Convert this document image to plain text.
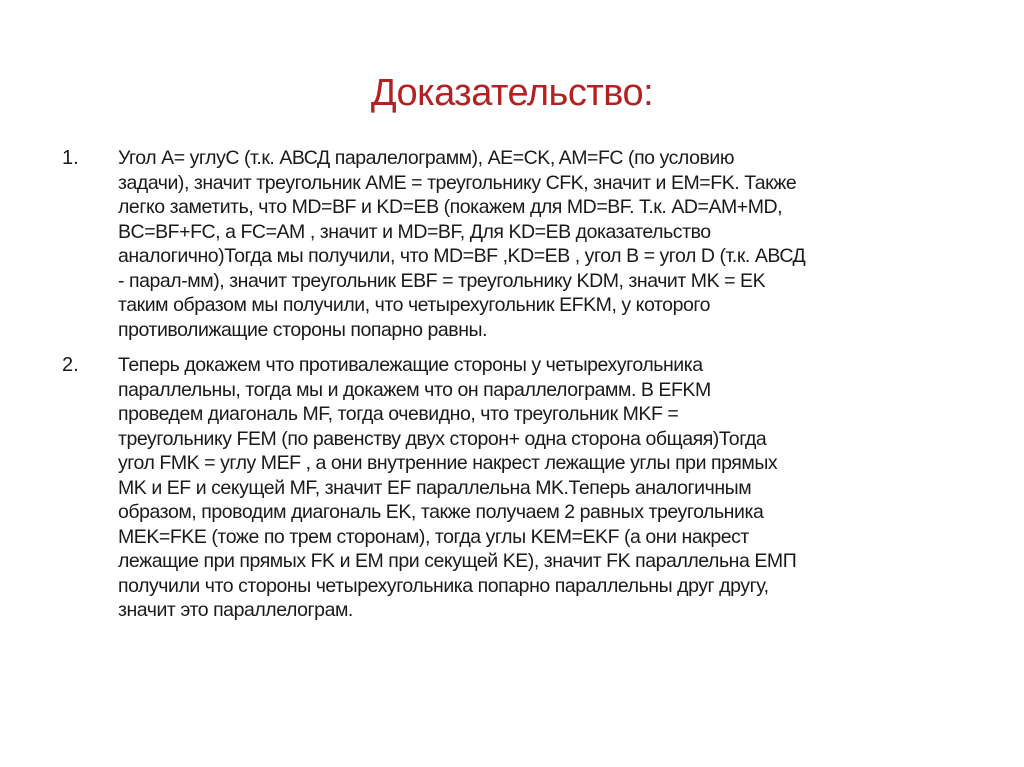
Доказательство:
1. Угол А= углуС (т.к. АВСД паралелограмм), AE=CK, AM=FC (по условию
задачи), значит треугольник AME = треугольнику CFK, значит и EM=FK. Также
легко заметить, что MD=BF и KD=EB (покажем для MD=BF. Т.к. AD=AM+MD,
BC=BF+FC, а FC=AM , значит и MD=BF, Для KD=EB доказательство
аналогично)Тогда мы получили, что MD=BF ,KD=EB , угол B = угол D (т.к. АВСД
- парал-мм), значит треугольник EBF = треугольнику KDM, значит MK = EK
таким образом мы получили, что четырехугольник EFKM, у которого
противолижащие стороны попарно равны.
2. Теперь докажем что противалежащие стороны у четырехугольника
параллельны, тогда мы и докажем что он параллелограмм. В EFKM
проведем диагональ MF, тогда очевидно, что треугольник MKF =
треугольнику FEM (по равенству двух сторон+ одна сторона общаяя)Тогда
угол FMK = углу MEF , а они внутренние накрест лежащие углы при прямых
MK и EF и секущей MF, значит EF параллельна MK.Теперь аналогичным
образом, проводим диагональ EK, также получаем 2 равных треугольника
MEK=FKE (тоже по трем сторонам), тогда углы KEM=EKF (а они накрест
лежащие при прямых FK и EM при секущей KE), значит FK параллельна EMП
получили что стороны четырехугольника попарно параллельны друг другу,
значит это параллелограм.
